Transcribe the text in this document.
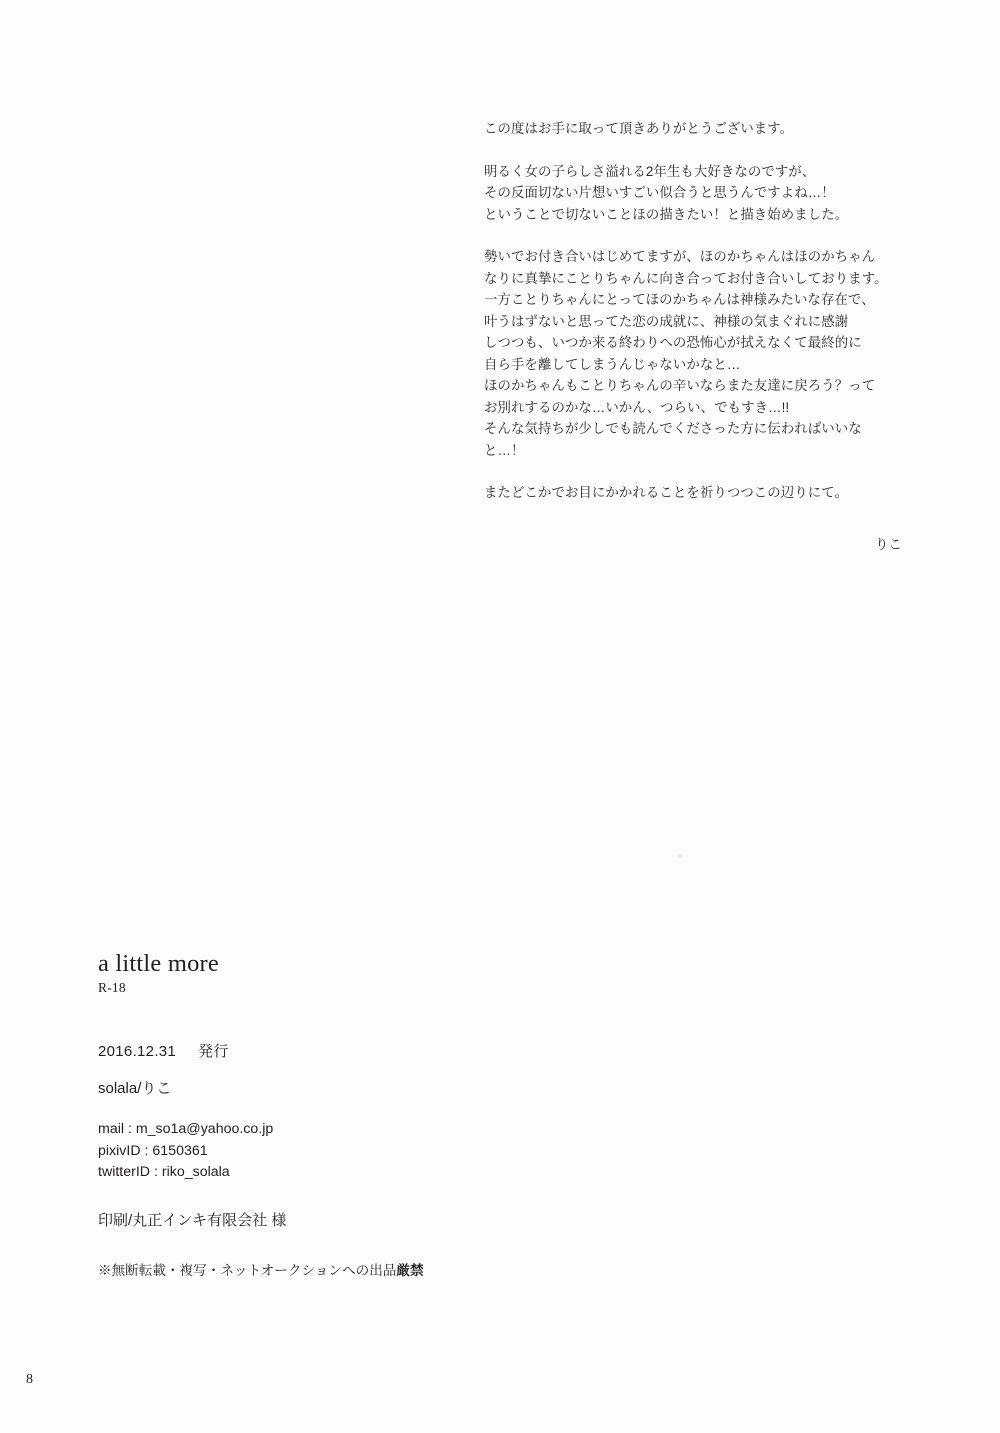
この度はお手に取って頂きありがとうございます。

明るく女の子らしさ溢れる2年生も大好きなのですが、

その反面切ない片想いすごい似合うと思うんですよね…！

ということで切ないことほの描きたい！と描き始めました。

勢いでお付き合いはじめてますが、ほのかちゃんはほのかちゃん

なりに真摯にことりちゃんに向き合ってお付き合いしております。

一方ことりちゃんにとってほのかちゃんは神様みたいな存在で、

叶うはずないと思ってた恋の成就に、神様の気まぐれに感謝

しつつも、いつか来る終わりへの恐怖心が拭えなくて最終的に

自ら手を離してしまうんじゃないかなと…

ほのかちゃんもことりちゃんの辛いならまた友達に戻ろう？って

お別れするのかな…いかん、つらい、でもすき…!!

そんな気持ちが少しでも読んでくださった方に伝わればいいな

と…！

またどこかでお目にかかれることを祈りつつこの辺りにて。

りこ

a little more
R-18
2016.12.31 発行
solala/りこ
mail : m_so1a@yahoo.co.jp
pixivID : 6150361
twitterID : riko_solala
印刷/丸正インキ有限会社 様
※無断転載・複写・ネットオークションへの出品厳禁
8
